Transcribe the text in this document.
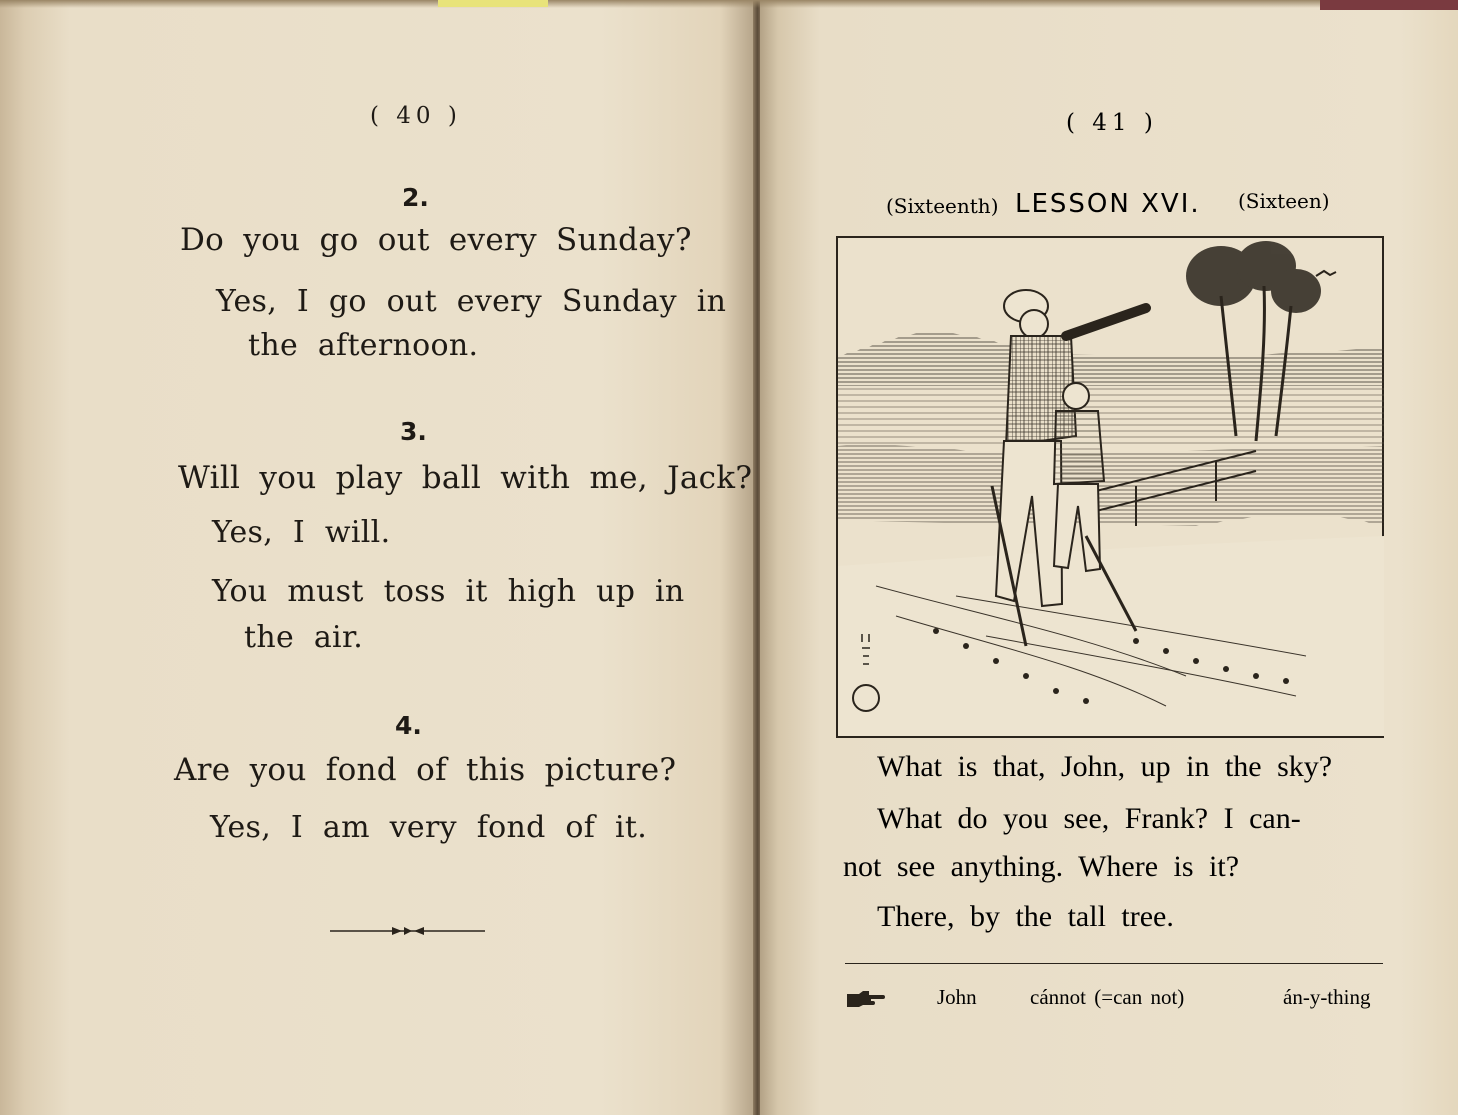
( 40 )
2.
Do you go out every Sunday?
Yes, I go out every Sunday in
the afternoon.
3.
Will you play ball with me, Jack?
Yes, I will.
You must toss it high up in
the air.
4.
Are you fond of this picture?
Yes, I am very fond of it.
( 41 )
(Sixteenth) LESSON XVI. (Sixteen)
What is that, John, up in the sky?
What do you see, Frank? I can-
not see anything. Where is it?
There, by the tall tree.
John	cánnot (=can not)	án-y-thing
